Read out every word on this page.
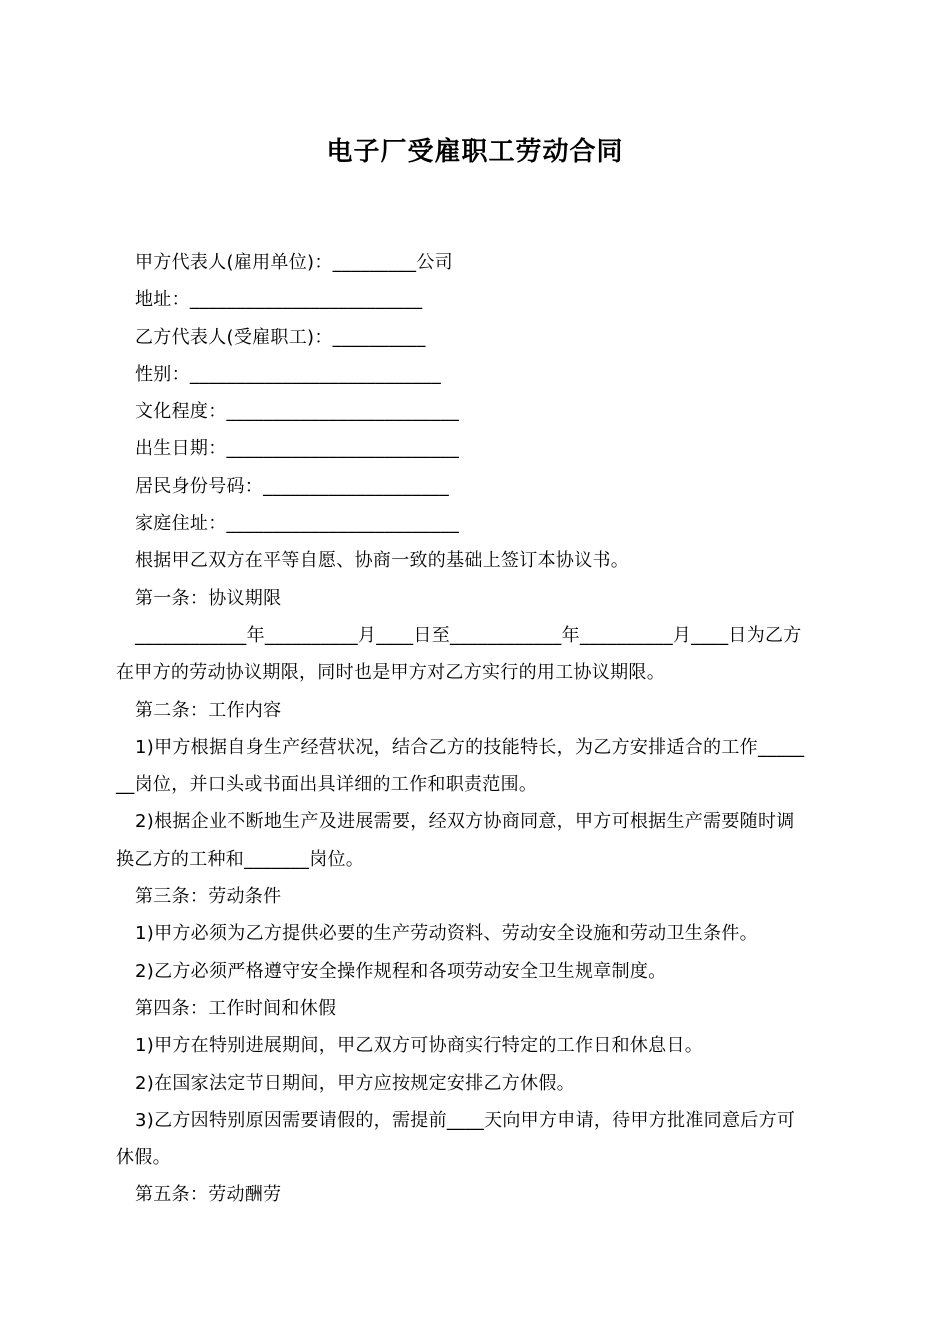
电子厂受雇职工劳动合同
甲方代表人(雇用单位)：_________公司
地址：_________________________
乙方代表人(受雇职工)：__________
性别：___________________________
文化程度：_________________________
出生日期：_________________________
居民身份号码：____________________
家庭住址：_________________________
根据甲乙双方在平等自愿、协商一致的基础上签订本协议书。
第一条：协议期限
____________年__________月____日至____________年__________月____日为乙方
在甲方的劳动协议期限，同时也是甲方对乙方实行的用工协议期限。
第二条：工作内容
1)甲方根据自身生产经营状况，结合乙方的技能特长，为乙方安排适合的工作_____
__岗位，并口头或书面出具详细的工作和职责范围。
2)根据企业不断地生产及进展需要，经双方协商同意，甲方可根据生产需要随时调
换乙方的工种和_______岗位。
第三条：劳动条件
1)甲方必须为乙方提供必要的生产劳动资料、劳动安全设施和劳动卫生条件。
2)乙方必须严格遵守安全操作规程和各项劳动安全卫生规章制度。
第四条：工作时间和休假
1)甲方在特别进展期间，甲乙双方可协商实行特定的工作日和休息日。
2)在国家法定节日期间，甲方应按规定安排乙方休假。
3)乙方因特别原因需要请假的，需提前____天向甲方申请，待甲方批准同意后方可
休假。
第五条：劳动酬劳
